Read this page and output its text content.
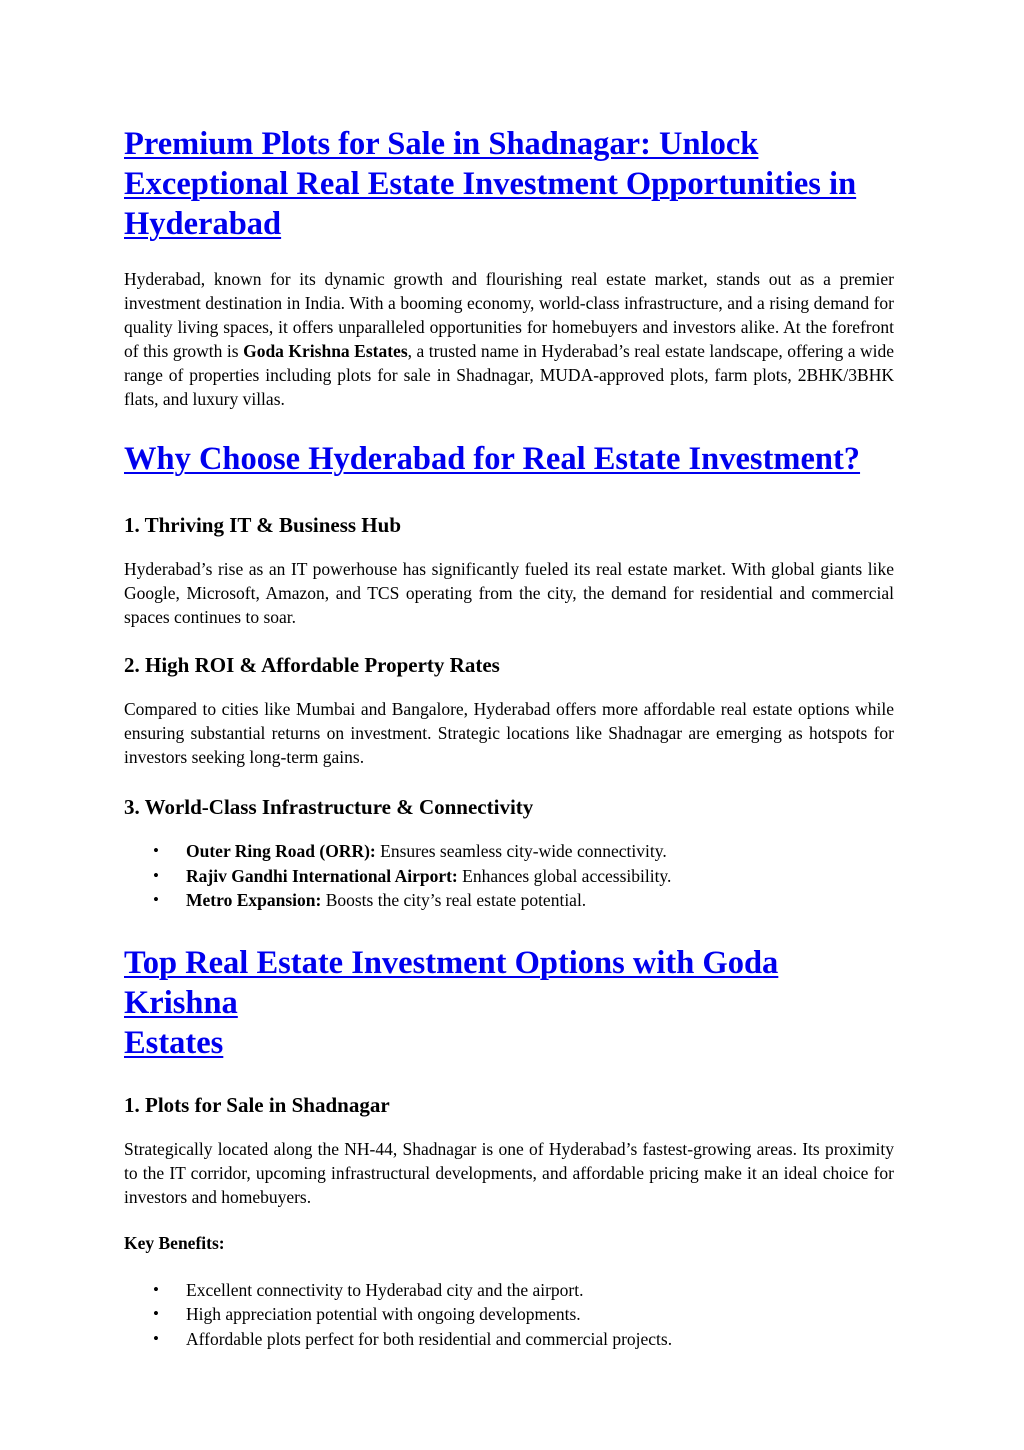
Premium Plots for Sale in Shadnagar: Unlock
Exceptional Real Estate Investment Opportunities in
Hyderabad

Hyderabad, known for its dynamic growth and flourishing real estate market, stands out as a premier investment destination in India. With a booming economy, world-class infrastructure, and a rising demand for quality living spaces, it offers unparalleled opportunities for homebuyers and investors alike. At the forefront of this growth is Goda Krishna Estates, a trusted name in Hyderabad’s real estate landscape, offering a wide range of properties including plots for sale in Shadnagar, MUDA-approved plots, farm plots, 2BHK/3BHK flats, and luxury villas.

Why Choose Hyderabad for Real Estate Investment?
1. Thriving IT & Business Hub

Hyderabad’s rise as an IT powerhouse has significantly fueled its real estate market. With global giants like Google, Microsoft, Amazon, and TCS operating from the city, the demand for residential and commercial spaces continues to soar.

2. High ROI & Affordable Property Rates

Compared to cities like Mumbai and Bangalore, Hyderabad offers more affordable real estate options while ensuring substantial returns on investment. Strategic locations like Shadnagar are emerging as hotspots for investors seeking long-term gains.

3. World-Class Infrastructure & Connectivity
• Outer Ring Road (ORR): Ensures seamless city-wide connectivity.
• Rajiv Gandhi International Airport: Enhances global accessibility.
• Metro Expansion: Boosts the city’s real estate potential.
Top Real Estate Investment Options with Goda Krishna
Estates
1. Plots for Sale in Shadnagar

Strategically located along the NH-44, Shadnagar is one of Hyderabad’s fastest-growing areas. Its proximity to the IT corridor, upcoming infrastructural developments, and affordable pricing make it an ideal choice for investors and homebuyers.

Key Benefits:

• Excellent connectivity to Hyderabad city and the airport.
• High appreciation potential with ongoing developments.
• Affordable plots perfect for both residential and commercial projects.
